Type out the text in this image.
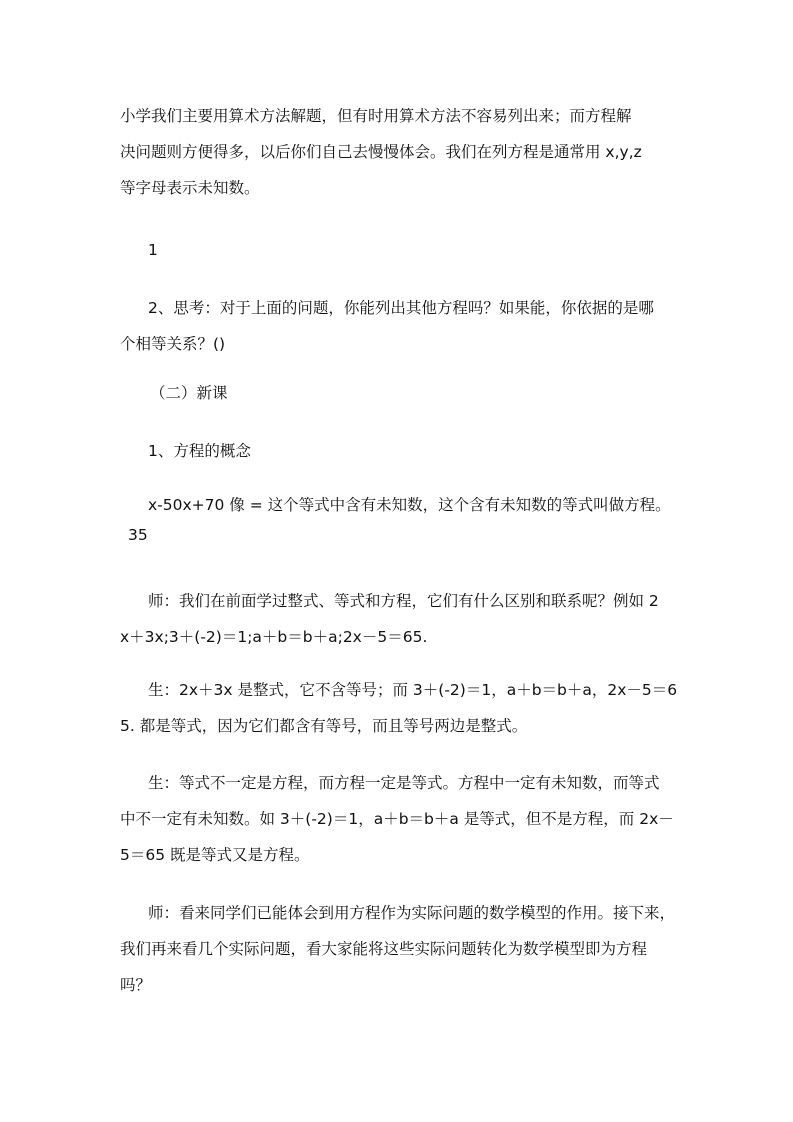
小学我们主要用算术方法解题，但有时用算术方法不容易列出来；而方程解
决问题则方便得多，以后你们自己去慢慢体会。我们在列方程是通常用 x,y,z
等字母表示未知数。
1
2、思考：对于上面的问题，你能列出其他方程吗？如果能，你依据的是哪
个相等关系？()
（二）新课
1、方程的概念
x-50x+70 像 = 这个等式中含有未知数，这个含有未知数的等式叫做方程。
35
师：我们在前面学过整式、等式和方程，它们有什么区别和联系呢？例如 2
x＋3x;3＋(-2)＝1;a＋b＝b＋a;2x－5＝65.
生：2x＋3x 是整式，它不含等号；而 3＋(-2)＝1，a＋b＝b＋a，2x－5＝6
5. 都是等式，因为它们都含有等号，而且等号两边是整式。
生：等式不一定是方程，而方程一定是等式。方程中一定有未知数，而等式
中不一定有未知数。如 3＋(-2)＝1，a＋b＝b＋a 是等式，但不是方程，而 2x－
5＝65 既是等式又是方程。
师：看来同学们已能体会到用方程作为实际问题的数学模型的作用。接下来，
我们再来看几个实际问题，看大家能将这些实际问题转化为数学模型即为方程
吗？
